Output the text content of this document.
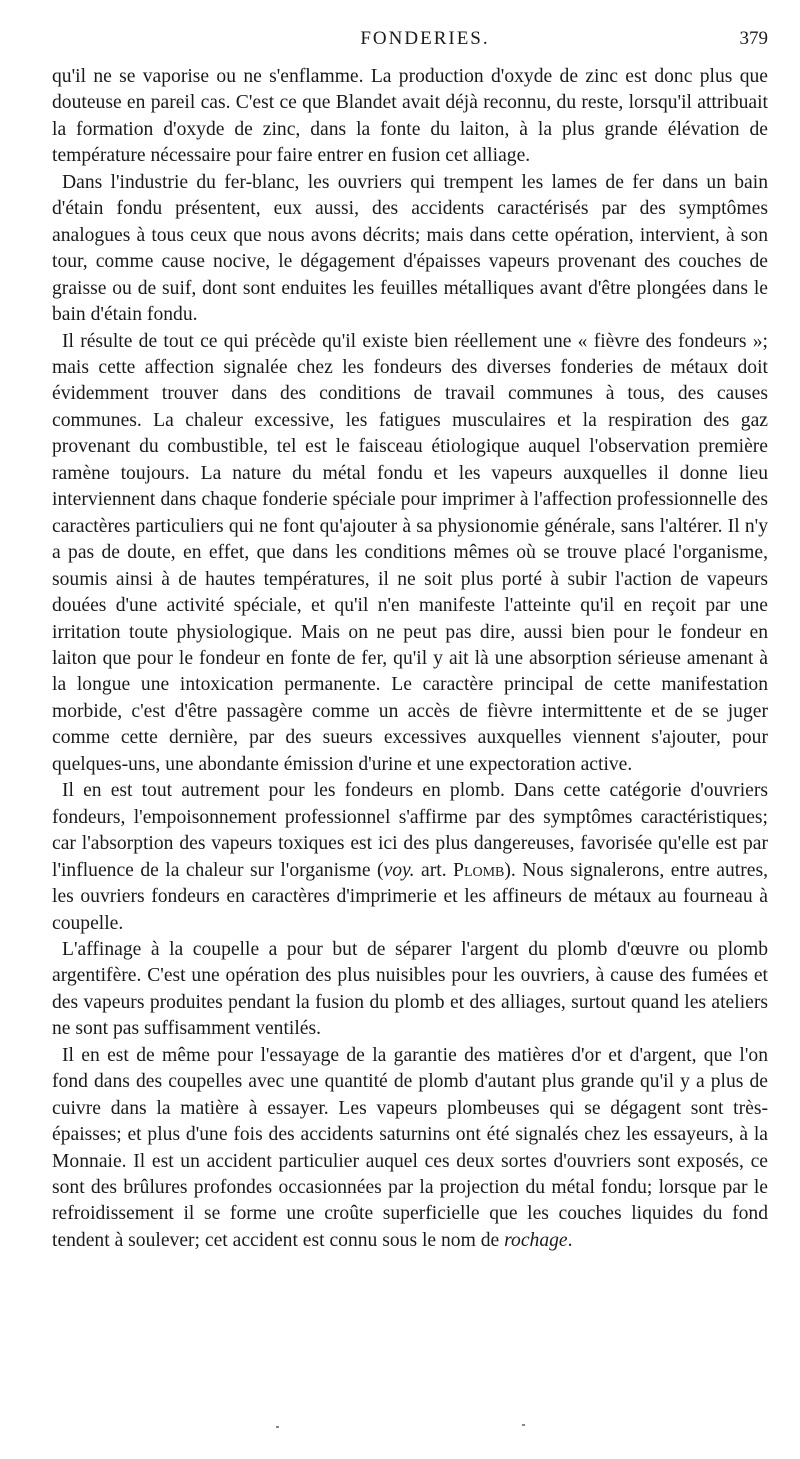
FONDERIES.	379

qu'il ne se vaporise ou ne s'enflamme. La production d'oxyde de zinc est donc plus que douteuse en pareil cas. C'est ce que Blandet avait déjà reconnu, du reste, lorsqu'il attribuait la formation d'oxyde de zinc, dans la fonte du laiton, à la plus grande élévation de température nécessaire pour faire entrer en fusion cet alliage.

Dans l'industrie du fer-blanc, les ouvriers qui trempent les lames de fer dans un bain d'étain fondu présentent, eux aussi, des accidents caractérisés par des symptômes analogues à tous ceux que nous avons décrits; mais dans cette opération, intervient, à son tour, comme cause nocive, le dégagement d'épaisses vapeurs provenant des couches de graisse ou de suif, dont sont enduites les feuilles métalliques avant d'être plongées dans le bain d'étain fondu.

Il résulte de tout ce qui précède qu'il existe bien réellement une « fièvre des fondeurs »; mais cette affection signalée chez les fondeurs des diverses fonderies de métaux doit évidemment trouver dans des conditions de travail communes à tous, des causes communes. La chaleur excessive, les fatigues musculaires et la respiration des gaz provenant du combustible, tel est le faisceau étiologique auquel l'observation première ramène toujours. La nature du métal fondu et les vapeurs auxquelles il donne lieu interviennent dans chaque fonderie spéciale pour imprimer à l'affection professionnelle des caractères particuliers qui ne font qu'ajouter à sa physionomie générale, sans l'altérer. Il n'y a pas de doute, en effet, que dans les conditions mêmes où se trouve placé l'organisme, soumis ainsi à de hautes températures, il ne soit plus porté à subir l'action de vapeurs douées d'une activité spéciale, et qu'il n'en manifeste l'atteinte qu'il en reçoit par une irritation toute physiologique. Mais on ne peut pas dire, aussi bien pour le fondeur en laiton que pour le fondeur en fonte de fer, qu'il y ait là une absorption sérieuse amenant à la longue une intoxication permanente. Le caractère principal de cette manifestation morbide, c'est d'être passagère comme un accès de fièvre intermittente et de se juger comme cette dernière, par des sueurs excessives auxquelles viennent s'ajouter, pour quelques-uns, une abondante émission d'urine et une expectoration active.

Il en est tout autrement pour les fondeurs en plomb. Dans cette catégorie d'ouvriers fondeurs, l'empoisonnement professionnel s'affirme par des symptômes caractéristiques; car l'absorption des vapeurs toxiques est ici des plus dangereuses, favorisée qu'elle est par l'influence de la chaleur sur l'organisme (voy. art. Plomb). Nous signalerons, entre autres, les ouvriers fondeurs en caractères d'imprimerie et les affineurs de métaux au fourneau à coupelle.

L'affinage à la coupelle a pour but de séparer l'argent du plomb d'œuvre ou plomb argentifère. C'est une opération des plus nuisibles pour les ouvriers, à cause des fumées et des vapeurs produites pendant la fusion du plomb et des alliages, surtout quand les ateliers ne sont pas suffisamment ventilés.

Il en est de même pour l'essayage de la garantie des matières d'or et d'argent, que l'on fond dans des coupelles avec une quantité de plomb d'autant plus grande qu'il y a plus de cuivre dans la matière à essayer. Les vapeurs plombeuses qui se dégagent sont très-épaisses; et plus d'une fois des accidents saturnins ont été signalés chez les essayeurs, à la Monnaie. Il est un accident particulier auquel ces deux sortes d'ouvriers sont exposés, ce sont des brûlures profondes occasionnées par la projection du métal fondu; lorsque par le refroidissement il se forme une croûte superficielle que les couches liquides du fond tendent à soulever; cet accident est connu sous le nom de rochage.
